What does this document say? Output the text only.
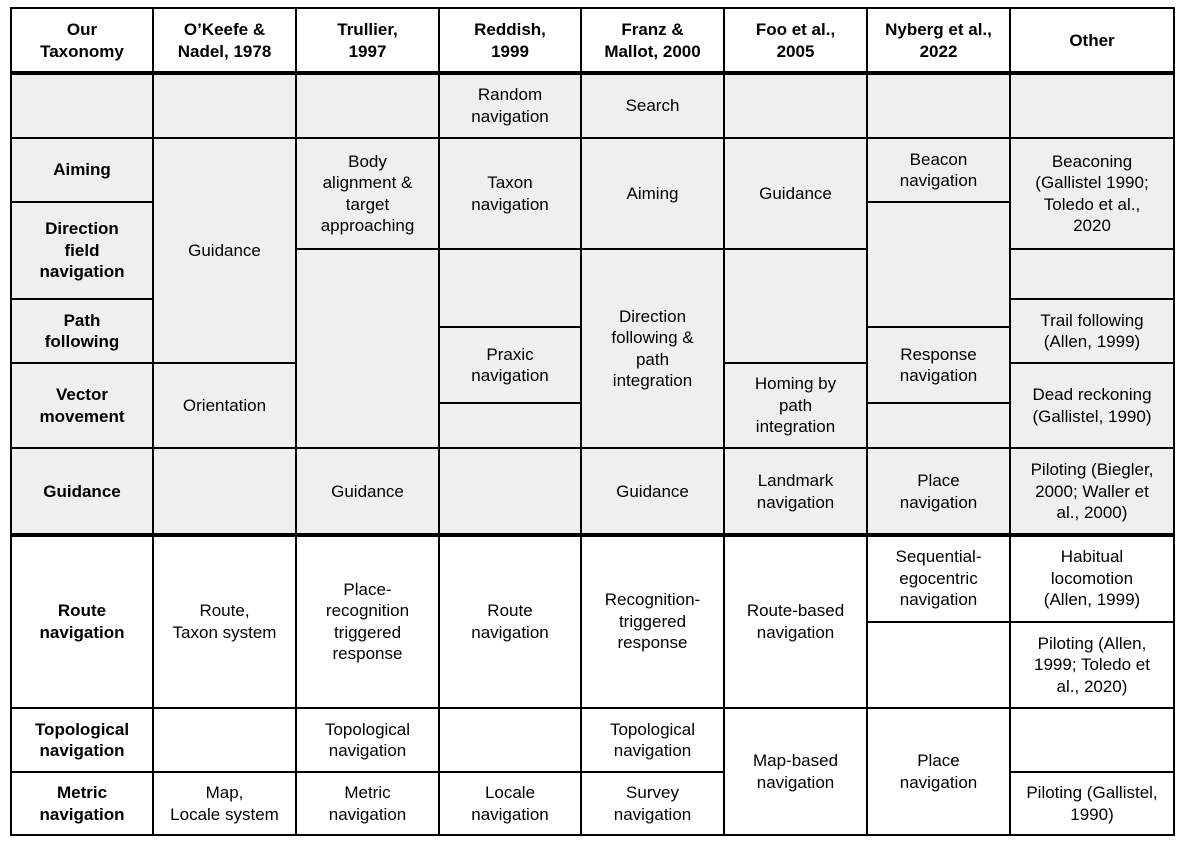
Our
Taxonomy
O’Keefe &
Nadel, 1978
Trullier,
1997
Reddish,
1999
Franz &
Mallot, 2000
Foo et al.,
2005
Nyberg et al.,
2022
Other
Aiming
Direction
field
navigation
Path
following
Vector
movement
Guidance
Route
navigation
Topological
navigation
Metric
navigation
Guidance
Orientation
Route,
Taxon system
Map,
Locale system
Body
alignment &
target
approaching
Guidance
Place-
recognition
triggered
response
Topological
navigation
Metric
navigation
Random
navigation
Taxon
navigation
Praxic
navigation
Route
navigation
Locale
navigation
Search
Aiming
Direction
following &
path
integration
Guidance
Recognition-
triggered
response
Topological
navigation
Survey
navigation
Guidance
Homing by
path
integration
Landmark
navigation
Route-based
navigation
Map-based
navigation
Beacon
navigation
Response
navigation
Place
navigation
Sequential-
egocentric
navigation
Place
navigation
Beaconing
(Gallistel 1990;
Toledo et al.,
2020
Trail following
(Allen, 1999)
Dead reckoning
(Gallistel, 1990)
Piloting (Biegler,
2000; Waller et
al., 2000)
Habitual
locomotion
(Allen, 1999)
Piloting (Allen,
1999; Toledo et
al., 2020)
Piloting (Gallistel,
1990)
